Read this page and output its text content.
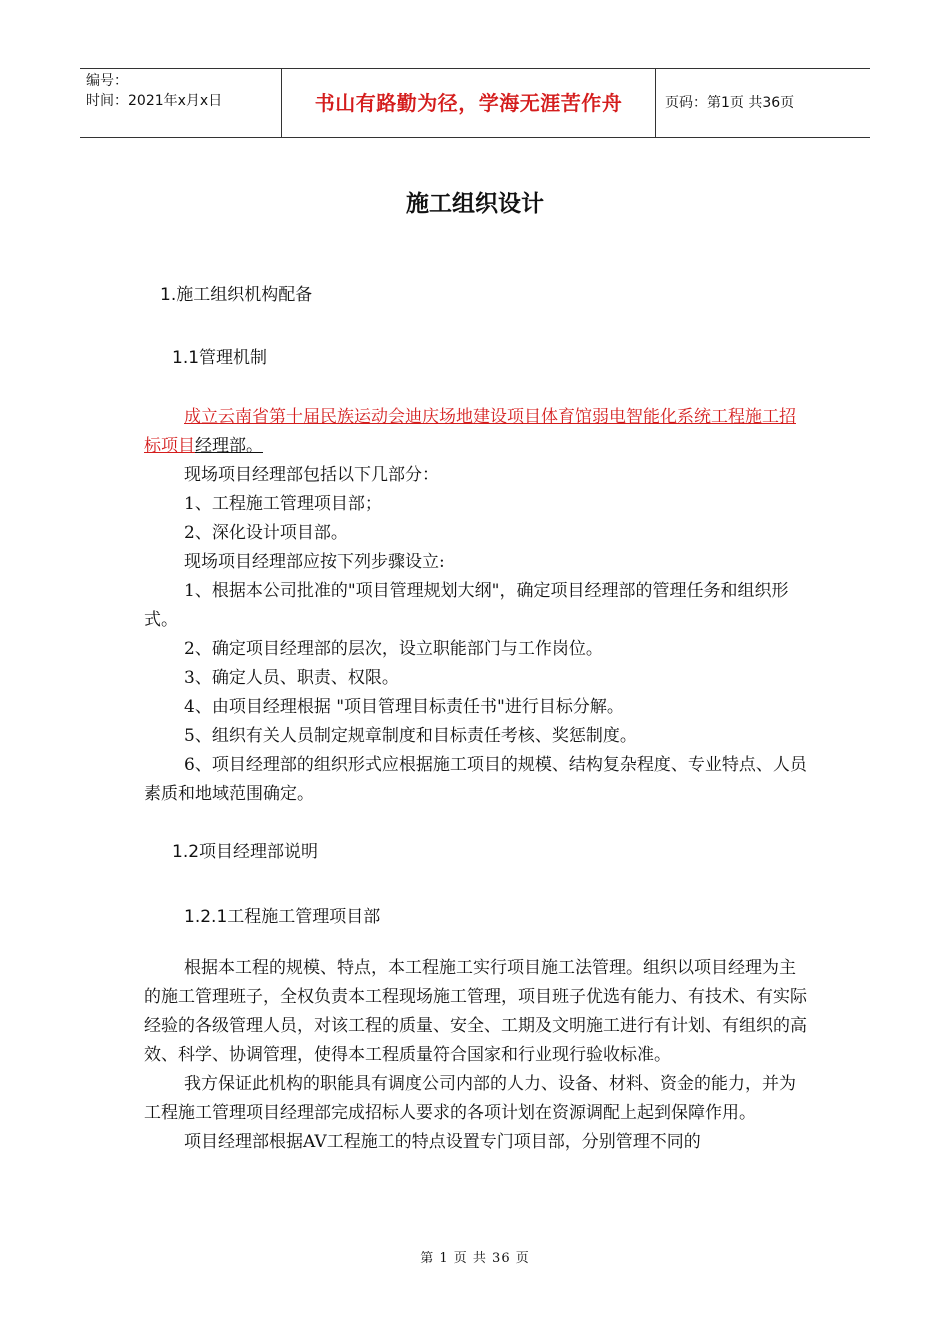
编号：
时间：2021年x月x日	书山有路勤为径，学海无涯苦作舟	页码：第1页 共36页
施工组织设计
1.施工组织机构配备
1.1管理机制

成立云南省第十届民族运动会迪庆场地建设项目体育馆弱电智能化系统工程施工招标项目经理部。

现场项目经理部包括以下几部分：

1、工程施工管理项目部；

2、深化设计项目部。

现场项目经理部应按下列步骤设立:

1、根据本公司批准的"项目管理规划大纲"，确定项目经理部的管理任务和组织形式。

2、确定项目经理部的层次，设立职能部门与工作岗位。

3、确定人员、职责、权限。

4、由项目经理根据 "项目管理目标责任书"进行目标分解。

5、组织有关人员制定规章制度和目标责任考核、奖惩制度。

6、项目经理部的组织形式应根据施工项目的规模、结构复杂程度、专业特点、人员素质和地域范围确定。

1.2项目经理部说明
1.2.1工程施工管理项目部

根据本工程的规模、特点，本工程施工实行项目施工法管理。组织以项目经理为主的施工管理班子，全权负责本工程现场施工管理，项目班子优选有能力、有技术、有实际经验的各级管理人员，对该工程的质量、安全、工期及文明施工进行有计划、有组织的高效、科学、协调管理，使得本工程质量符合国家和行业现行验收标准。

我方保证此机构的职能具有调度公司内部的人力、设备、材料、资金的能力，并为工程施工管理项目经理部完成招标人要求的各项计划在资源调配上起到保障作用。

项目经理部根据AV工程施工的特点设置专门项目部，分别管理不同的

第 1 页 共 36 页
